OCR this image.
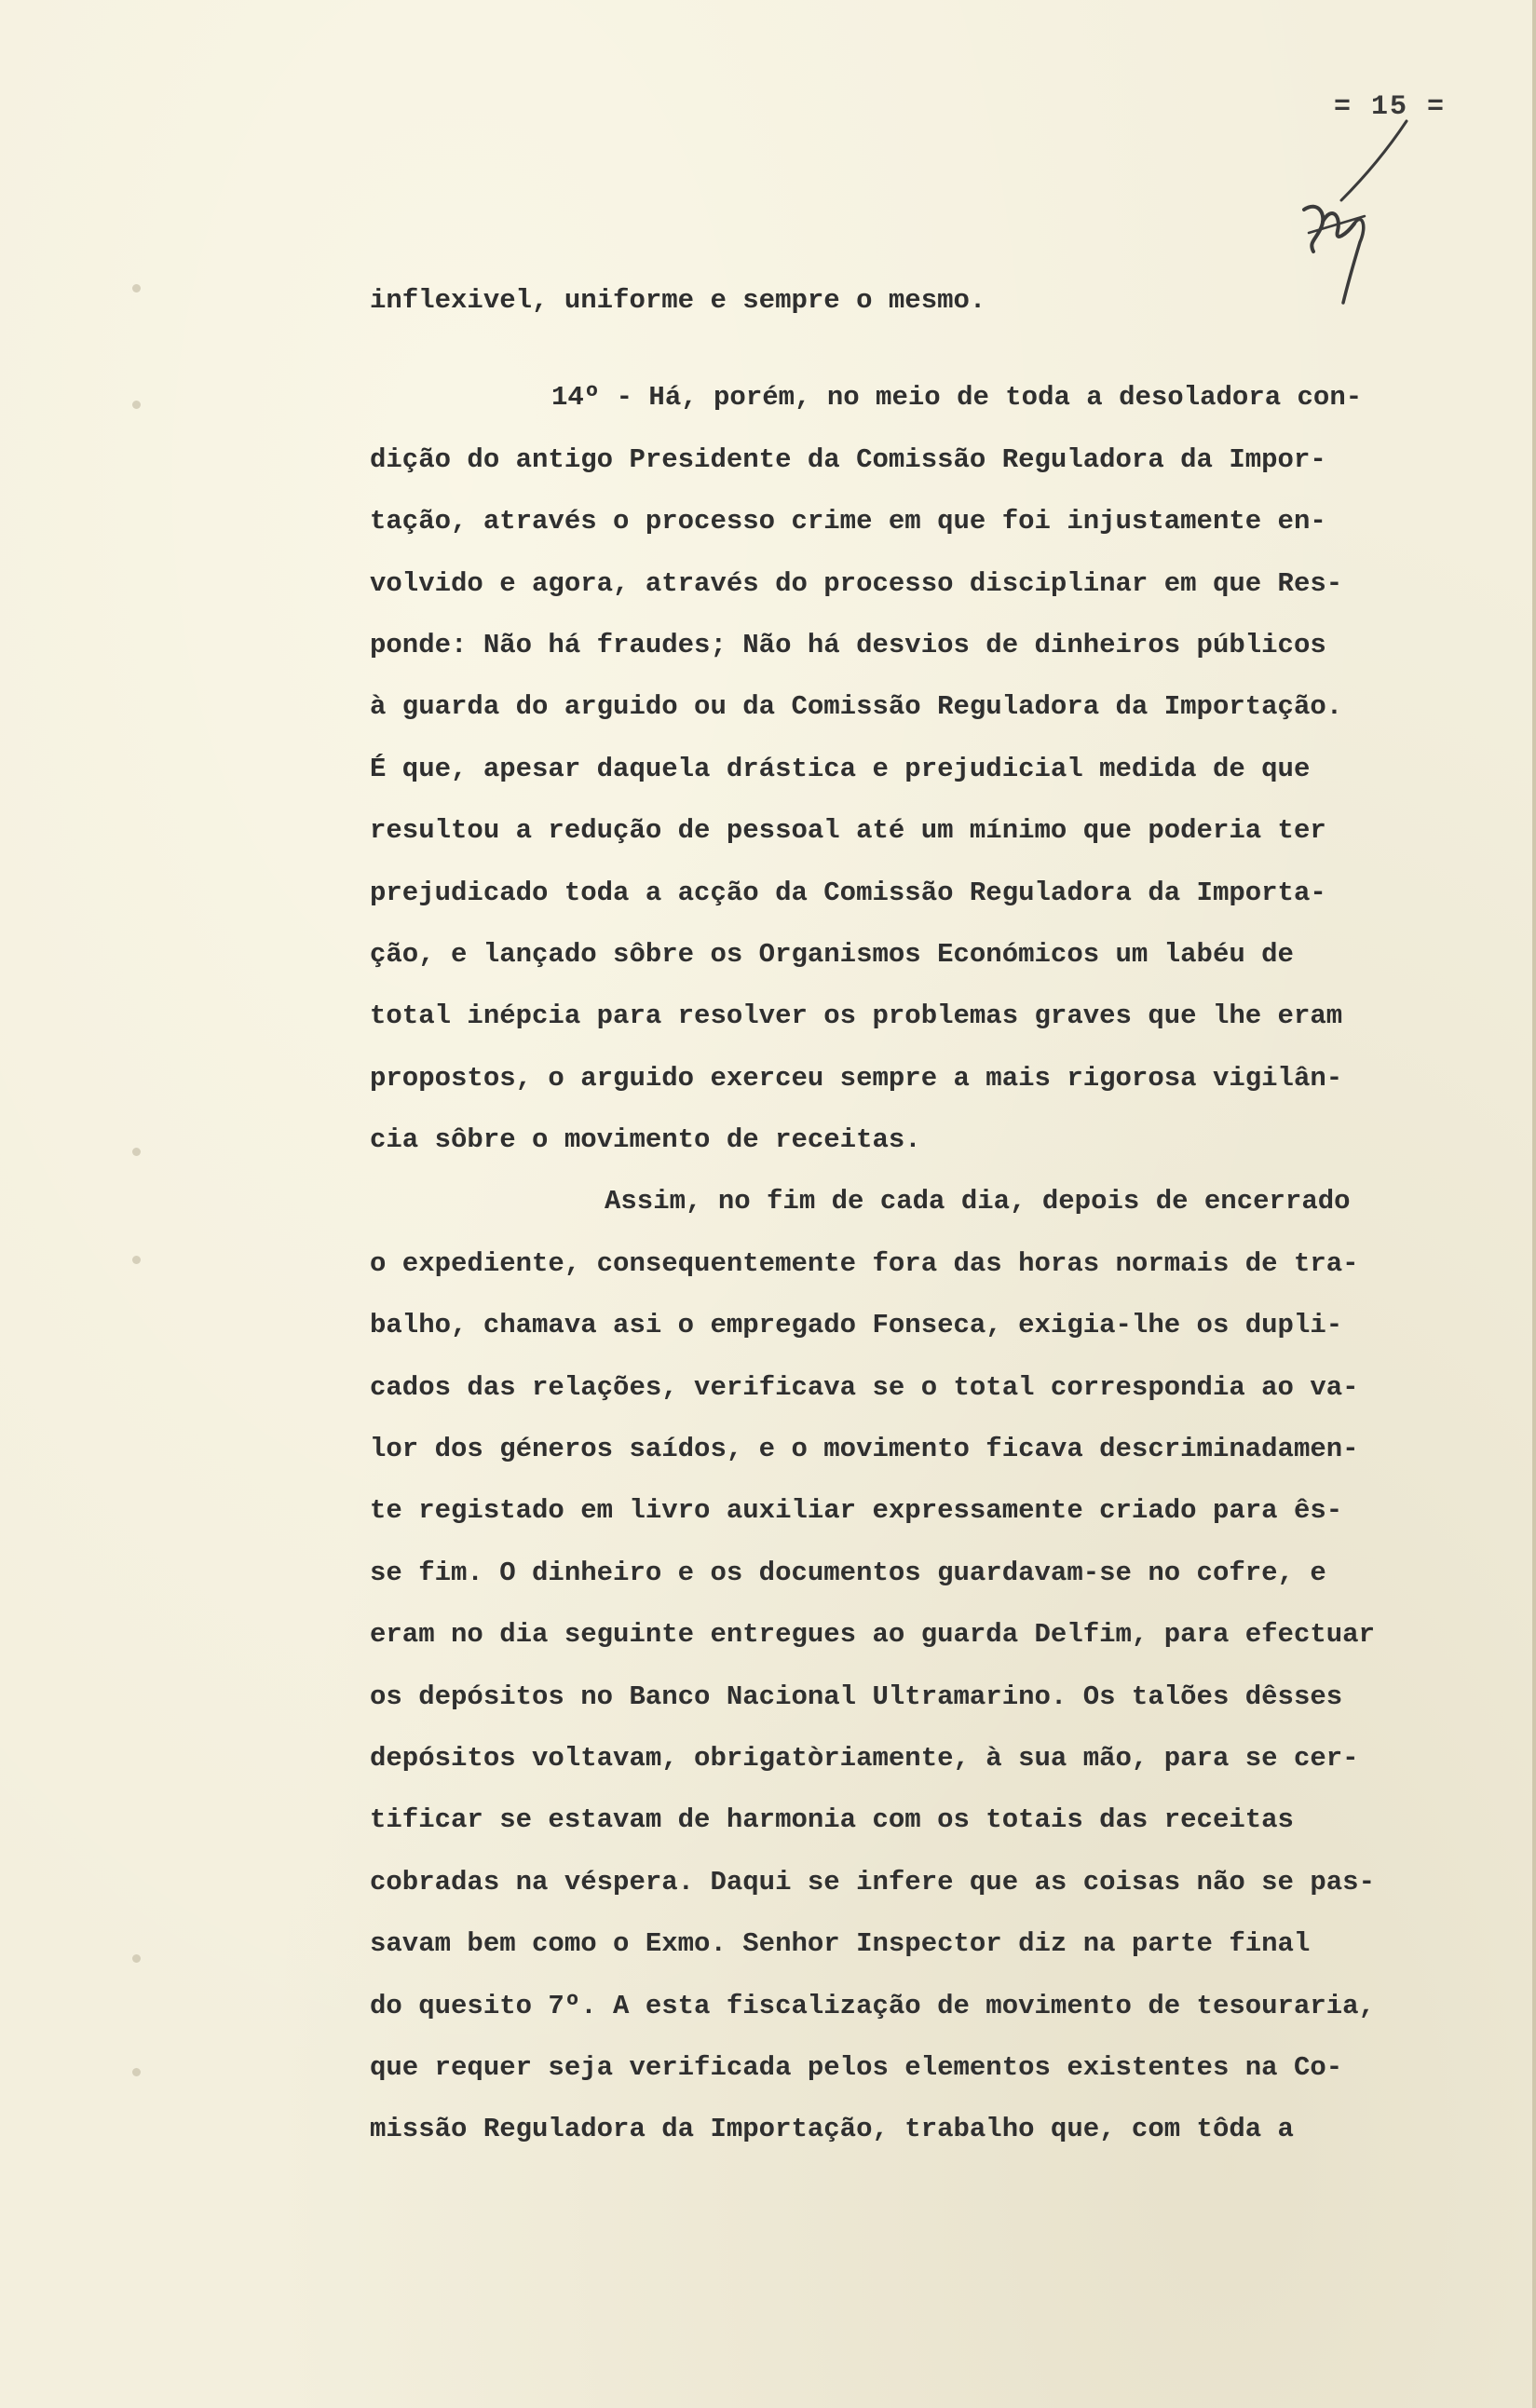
= 15 =
inflexivel, uniforme e sempre o mesmo.
14º - Há, porém, no meio de toda a desoladora con-
dição do antigo Presidente da Comissão Reguladora da Impor-
tação, através o processo crime em que foi injustamente en-
volvido e agora, através do processo disciplinar em que Res-
ponde: Não há fraudes; Não há desvios de dinheiros públicos
à guarda do arguido ou da Comissão Reguladora da Importação.
É que, apesar daquela drástica e prejudicial medida de que
resultou a redução de pessoal até um mínimo que poderia ter
prejudicado toda a acção da Comissão Reguladora da Importa-
ção, e lançado sôbre os Organismos Económicos um labéu de
total inépcia para resolver os problemas graves que lhe eram
propostos, o arguido exerceu sempre a mais rigorosa vigilân-
cia sôbre o movimento de receitas.
Assim, no fim de cada dia, depois de encerrado
o expediente, consequentemente fora das horas normais de tra-
balho, chamava asi o empregado Fonseca, exigia-lhe os dupli-
cados das relações, verificava se o total correspondia ao va-
lor dos géneros saídos, e o movimento ficava descriminadamen-
te registado em livro auxiliar expressamente criado para ês-
se fim. O dinheiro e os documentos guardavam-se no cofre, e
eram no dia seguinte entregues ao guarda Delfim, para efectuar
os depósitos no Banco Nacional Ultramarino. Os talões dêsses
depósitos voltavam, obrigatòriamente, à sua mão, para se cer-
tificar se estavam de harmonia com os totais das receitas
cobradas na véspera. Daqui se infere que as coisas não se pas-
savam bem como o Exmo. Senhor Inspector diz na parte final
do quesito 7º. A esta fiscalização de movimento de tesouraria,
que requer seja verificada pelos elementos existentes na Co-
missão Reguladora da Importação, trabalho que, com tôda a
